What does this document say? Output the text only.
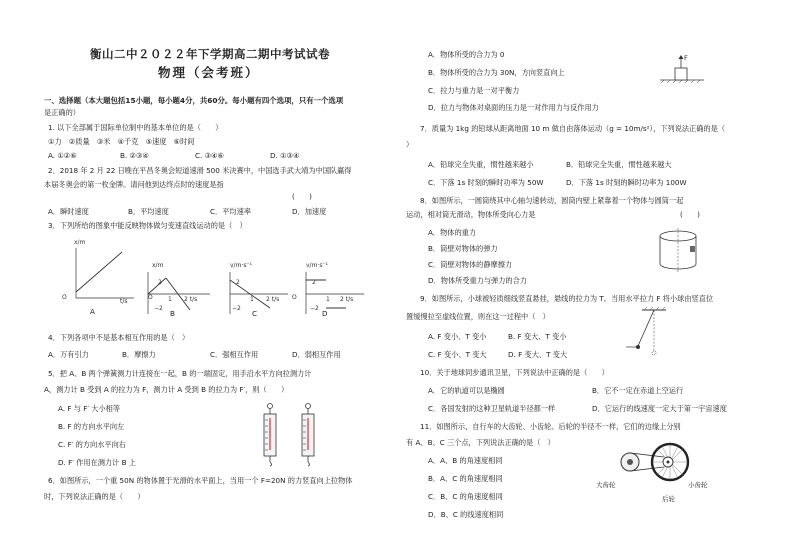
衡山二中２０２２年下学期高二期中考试试卷
物理（会考班）
一、选择题（本大题包括15小题，每小题4分，共60分。每小题有四个选项，只有一个选项
是正确的）
1. 以下全部属于国际单位制中的基本单位的是（　　）
①力　②质量　③米　④千克　⑤速度　⑥时间
A. ①②⑥	B. ②③④	C. ③④⑥	D. ①③④
2．2018 年 2 月 22 日晚在平昌冬奥会短道速滑 500 米决赛中，中国选手武大靖为中国队赢得
本届冬奥会的第一枚金牌。请问他到达终点时的速度是指
(　　)
A．瞬时速度	B．平均速度	C．平均速率	D．加速度
3．下列所给的图象中能反映物体做匀变速直线运动的是（　）
x/m
O
t/s
A
x/m
2
O	1 2 t/s
−2
B
v/m·s⁻¹
2
1 2 t/s
−2
C
v/m·s⁻¹
2
O	1 2 t/s
−2
D
4．下列各项中不是基本相互作用的是（　）
A．万有引力	B．摩擦力	C．强相互作用	D．弱相互作用
5．把 A、B 两个弹簧测力计连接在一起，B 的一端固定，用手沿水平方向拉测力计
A，测力计 B 受到 A 的拉力为 F，测力计 A 受到 B 的拉力为 F′，则（　　）
A. F 与 F′ 大小相等
B. F 的方向水平向左
C. F′ 的方向水平向右
D. F′ 作用在测力计 B 上
6．如图所示，一个重 50N 的物体置于光滑的水平面上，当用一个 F=20N 的力竖直向上拉物体
时，下列说法正确的是（　　）
A．物体所受的合力为 0
B．物体所受的合力为 30N，方向竖直向上
C．拉力与重力是一对平衡力
D．拉力与物体对桌面的压力是一对作用力与反作用力
F
7．质量为 1kg 的铅球从距离地面 10 m 做自由落体运动（g = 10m/s²），下列说法正确的是（
）
A．铅球完全失重，惯性越来越小	B．铅球完全失重，惯性越来越大
C．下落 1s 时刻的瞬时功率为 50W	D．下落 1s 时刻的瞬时功率为 100W
8．如图所示，一圆筒绕其中心轴匀速转动，圆筒内壁上紧靠着一个物体与圆筒一起
运动，相对筒无滑动，物体所受向心力是	(　　)
A．物体的重力
B．筒壁对物体的弹力
C．筒壁对物体的静摩擦力
D．物体所受重力与弹力的合力
9．如图所示，小球被轻质细线竖直悬挂，悬线的拉力为 T。当用水平拉力 F 将小球由竖直位
置缓慢拉至虚线位置，则在这一过程中（　）
A. F 变小、T 变小	B. F 变大、T 变小
C. F 变小、T 变大	D. F 变大、T 变大
10．关于地球同步通讯卫星，下列说法中正确的是（　　）
A．它的轨道可以是椭圆	B．它不一定在赤道上空运行
C．各国发射的这种卫星轨道半径都一样	D．它运行的线速度一定大于第一宇宙速度
11．如图所示，自行车的大齿轮、小齿轮、后轮的半径不一样，它们的边缘上分别
有 A、B、C 三个点，下列说法正确的是（　）
A．A、B 的角速度相同
B．A、C 的角速度相同
C．B、C 的角速度相同
D．B、C 的线速度相同
大齿轮	小齿轮
后轮
